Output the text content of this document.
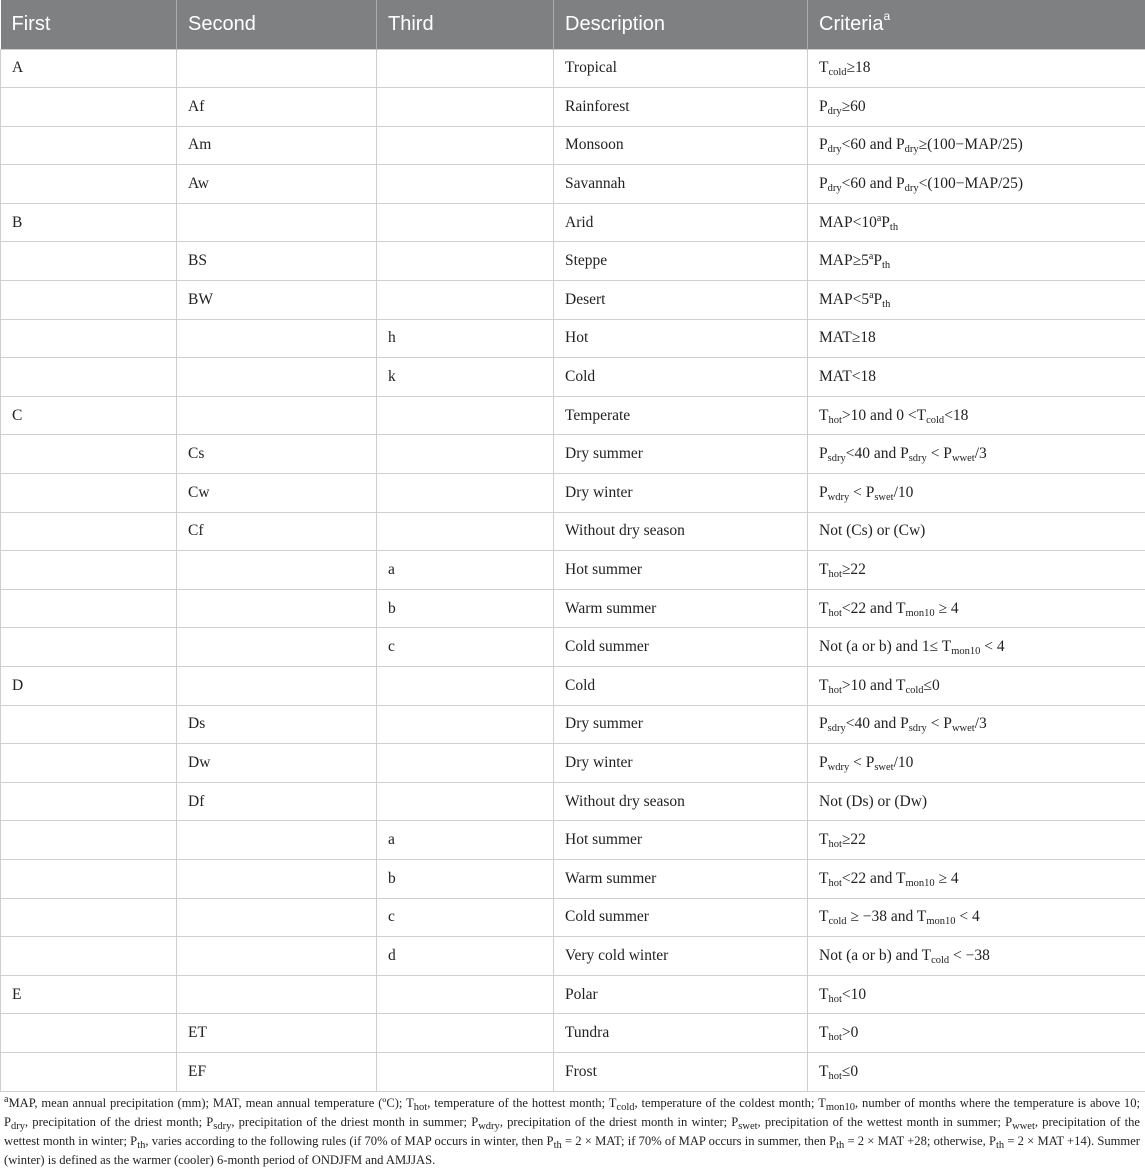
First	Second	Third	Description	Criteria$^a$
A			Tropical	$T_{cold}\ge 18$
	Af		Rainforest	$P_{dry}\ge 60$
	Am		Monsoon	$P_{dry}<60$ and $P_{dry}\ge(100-MAP/25)$
	Aw		Savannah	$P_{dry}<60$ and $P_{dry}<(100-MAP/25)$
B			Arid	$MAP<10^aP_{th}$
	BS		Steppe	$MAP\ge 5^aP_{th}$
	BW		Desert	$MAP<5^aP_{th}$
		h	Hot	MAT≥18
		k	Cold	MAT<18
C			Temperate	$T_{hot}>10$ and $0 <T_{cold}<18$
	Cs		Dry summer	$P_{sdry}<40$ and $P_{sdry} < P_{wwet}/3$
	Cw		Dry winter	$P_{wdry} < P_{swet}/10$
	Cf		Without dry season	Not (Cs) or (Cw)
		a	Hot summer	$T_{hot}\ge 22$
		b	Warm summer	$T_{hot}<22$ and $T_{mon10} \ge 4$
		c	Cold summer	Not (a or b) and $1\le T_{mon10} < 4$
D			Cold	$T_{hot}>10$ and $T_{cold}\le 0$
	Ds		Dry summer	$P_{sdry}<40$ and $P_{sdry} < P_{wwet}/3$
	Dw		Dry winter	$P_{wdry} < P_{swet}/10$
	Df		Without dry season	Not (Ds) or (Dw)
		a	Hot summer	$T_{hot}\ge 22$
		b	Warm summer	$T_{hot}<22$ and $T_{mon10} \ge 4$
		c	Cold summer	$T_{cold} \ge -38$ and $T_{mon10} < 4$
		d	Very cold winter	Not (a or b) and $T_{cold} < -38$
E			Polar	$T_{hot}<10$
	ET		Tundra	$T_{hot}>0$
	EF		Frost	$T_{hot}\le 0$
$^a$MAP, mean annual precipitation (mm); MAT, mean annual temperature (ºC); $T_{hot}$, temperature of the hottest month; $T_{cold}$, temperature of the coldest month; $T_{mon10}$, number of months where the temperature is above 10; $P_{dry}$, precipitation of the driest month; $P_{sdry}$, precipitation of the driest month in summer; $P_{wdry}$, precipitation of the driest month in winter; $P_{swet}$, precipitation of the wettest month in summer; $P_{wwet}$, precipitation of the wettest month in winter; $P_{th}$, varies according to the following rules (if 70% of MAP occurs in winter, then $P_{th} = 2$ × MAT; if 70% of MAP occurs in summer, then $P_{th} = 2$ × MAT +28; otherwise, $P_{th} = 2$ × MAT +14). Summer (winter) is defined as the warmer (cooler) 6-month period of ONDJFM and AMJJAS.
